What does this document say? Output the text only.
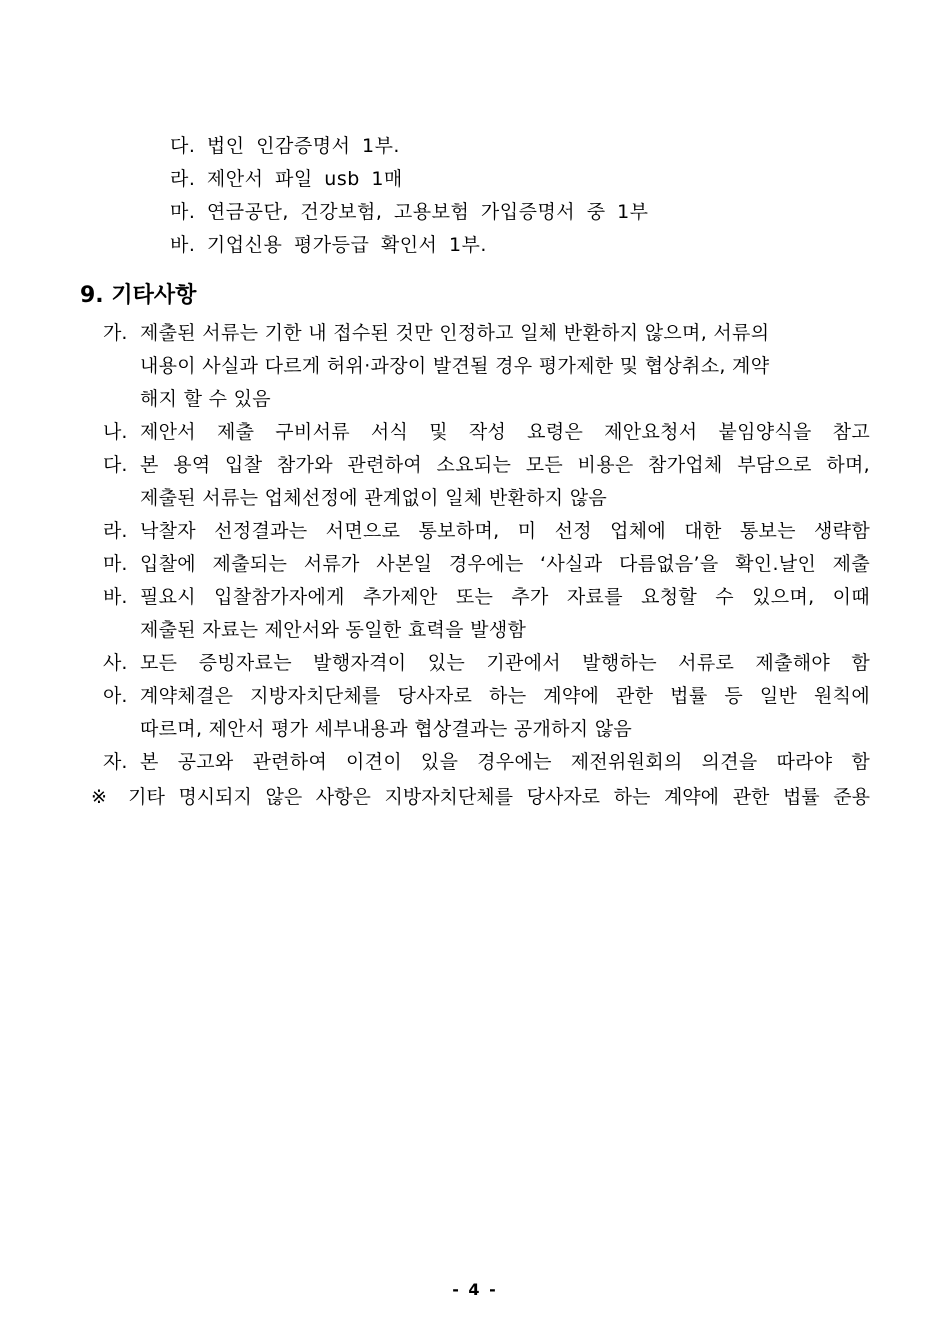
다. 법인 인감증명서 1부.
라. 제안서 파일 usb 1매
마. 연금공단, 건강보험, 고용보험 가입증명서 중 1부
바. 기업신용 평가등급 확인서 1부.
9. 기타사항
가. 제출된 서류는 기한 내 접수된 것만 인정하고 일체 반환하지 않으며, 서류의
내용이 사실과 다르게 허위·과장이 발견될 경우 평가제한 및 협상취소, 계약
해지 할 수 있음
나. 제안서 제출 구비서류 서식 및 작성 요령은 제안요청서 붙임양식을 참고
다. 본 용역 입찰 참가와 관련하여 소요되는 모든 비용은 참가업체 부담으로 하며,
제출된 서류는 업체선정에 관계없이 일체 반환하지 않음
라. 낙찰자 선정결과는 서면으로 통보하며, 미 선정 업체에 대한 통보는 생략함
마. 입찰에 제출되는 서류가 사본일 경우에는 ‘사실과 다름없음’을 확인.날인 제출
바. 필요시 입찰참가자에게 추가제안 또는 추가 자료를 요청할 수 있으며, 이때
제출된 자료는 제안서와 동일한 효력을 발생함
사. 모든 증빙자료는 발행자격이 있는 기관에서 발행하는 서류로 제출해야 함
아. 계약체결은 지방자치단체를 당사자로 하는 계약에 관한 법률 등 일반 원칙에
따르며, 제안서 평가 세부내용과 협상결과는 공개하지 않음
자. 본 공고와 관련하여 이견이 있을 경우에는 제전위원회의 의견을 따라야 함
※ 기타 명시되지 않은 사항은 지방자치단체를 당사자로 하는 계약에 관한 법률 준용
- 4 -
